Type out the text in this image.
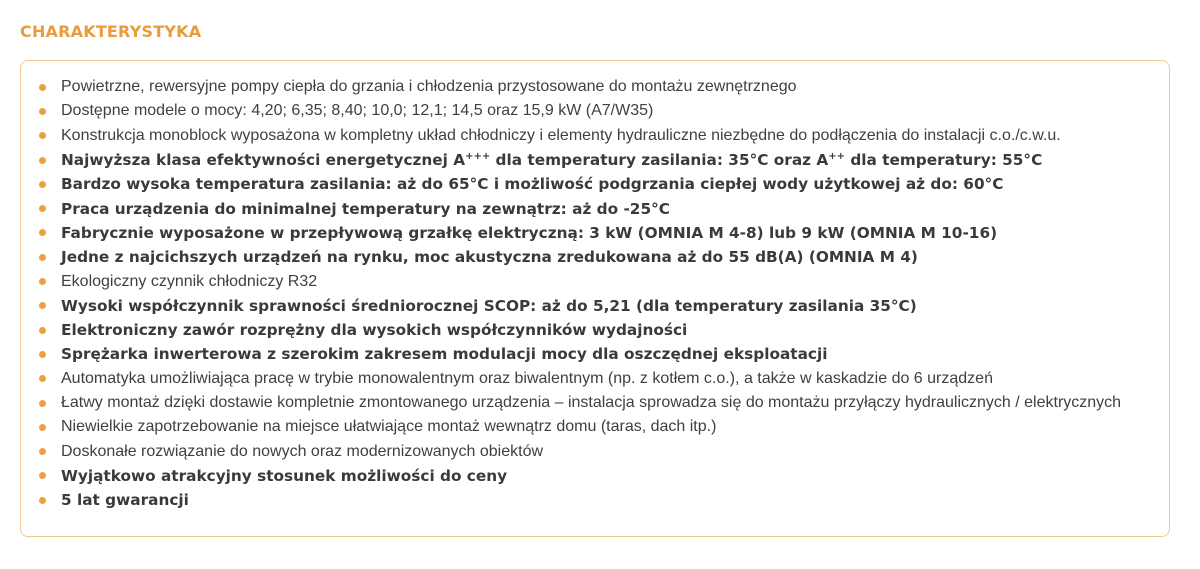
CHARAKTERYSTYKA
Powietrzne, rewersyjne pompy ciepła do grzania i chłodzenia przystosowane do montażu zewnętrznego
Dostępne modele o mocy: 4,20; 6,35; 8,40; 10,0; 12,1; 14,5 oraz 15,9 kW (A7/W35)
Konstrukcja monoblock wyposażona w kompletny układ chłodniczy i elementy hydrauliczne niezbędne do podłączenia do instalacji c.o./c.w.u.
Najwyższa klasa efektywności energetycznej A+++ dla temperatury zasilania: 35°C oraz A++ dla temperatury: 55°C
Bardzo wysoka temperatura zasilania: aż do 65°C i możliwość podgrzania ciepłej wody użytkowej aż do: 60°C
Praca urządzenia do minimalnej temperatury na zewnątrz: aż do -25°C
Fabrycznie wyposażone w przepływową grzałkę elektryczną: 3 kW (OMNIA M 4-8) lub 9 kW (OMNIA M 10-16)
Jedne z najcichszych urządzeń na rynku, moc akustyczna zredukowana aż do 55 dB(A) (OMNIA M 4)
Ekologiczny czynnik chłodniczy R32
Wysoki współczynnik sprawności średniorocznej SCOP: aż do 5,21 (dla temperatury zasilania 35°C)
Elektroniczny zawór rozprężny dla wysokich współczynników wydajności
Sprężarka inwerterowa z szerokim zakresem modulacji mocy dla oszczędnej eksploatacji
Automatyka umożliwiająca pracę w trybie monowalentnym oraz biwalentnym (np. z kotłem c.o.), a także w kaskadzie do 6 urządzeń
Łatwy montaż dzięki dostawie kompletnie zmontowanego urządzenia – instalacja sprowadza się do montażu przyłączy hydraulicznych / elektrycznych
Niewielkie zapotrzebowanie na miejsce ułatwiające montaż wewnątrz domu (taras, dach itp.)
Doskonałe rozwiązanie do nowych oraz modernizowanych obiektów
Wyjątkowo atrakcyjny stosunek możliwości do ceny
5 lat gwarancji
